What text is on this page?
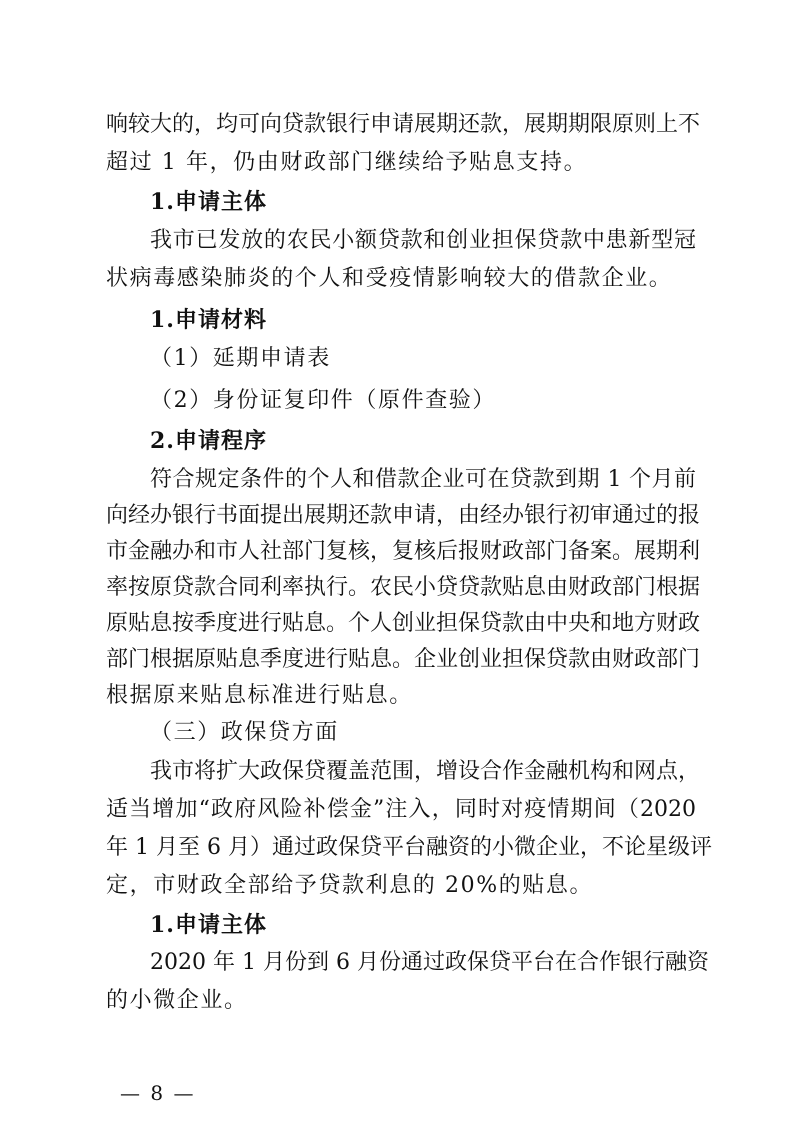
响较大的，均可向贷款银行申请展期还款，展期期限原则上不
超过 1 年，仍由财政部门继续给予贴息支持。
1.申请主体
我市已发放的农民小额贷款和创业担保贷款中患新型冠
状病毒感染肺炎的个人和受疫情影响较大的借款企业。
1.申请材料
（1）延期申请表
（2）身份证复印件（原件查验）
2.申请程序
符合规定条件的个人和借款企业可在贷款到期 1 个月前
向经办银行书面提出展期还款申请，由经办银行初审通过的报
市金融办和市人社部门复核，复核后报财政部门备案。展期利
率按原贷款合同利率执行。农民小贷贷款贴息由财政部门根据
原贴息按季度进行贴息。个人创业担保贷款由中央和地方财政
部门根据原贴息季度进行贴息。企业创业担保贷款由财政部门
根据原来贴息标准进行贴息。
（三）政保贷方面
我市将扩大政保贷覆盖范围，增设合作金融机构和网点，
适当增加“政府风险补偿金”注入，同时对疫情期间（2020
年 1 月至 6 月）通过政保贷平台融资的小微企业，不论星级评
定，市财政全部给予贷款利息的 20%的贴息。
1.申请主体
2020 年 1 月份到 6 月份通过政保贷平台在合作银行融资
的小微企业。
— 8 —
